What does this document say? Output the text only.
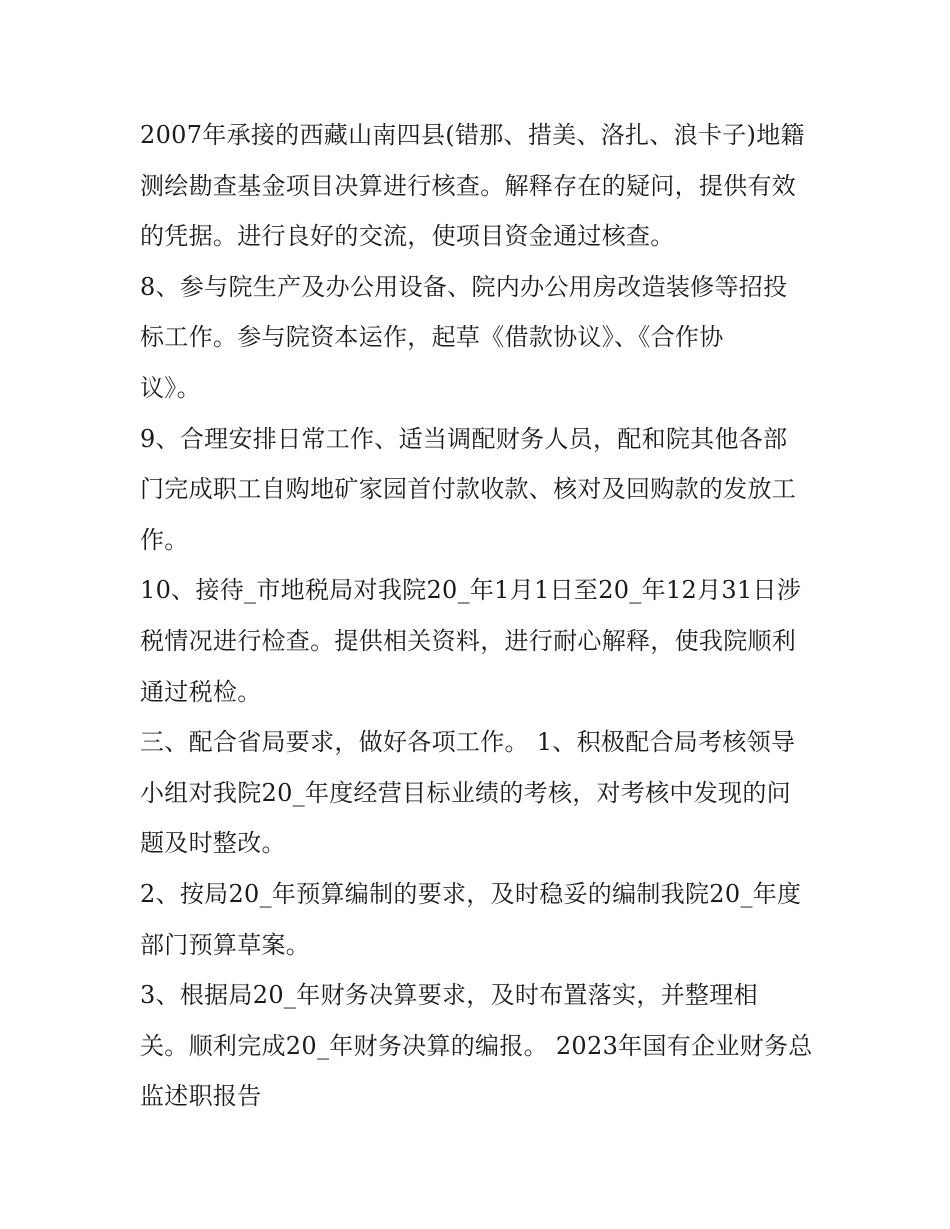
2007年承接的西藏山南四县(错那、措美、洛扎、浪卡子)地籍
测绘勘查基金项目决算进行核查。解释存在的疑问，提供有效
的凭据。进行良好的交流，使项目资金通过核查。
8、参与院生产及办公用设备、院内办公用房改造装修等招投
标工作。参与院资本运作，起草《借款协议》、《合作协
议》。
9、合理安排日常工作、适当调配财务人员，配和院其他各部
门完成职工自购地矿家园首付款收款、核对及回购款的发放工
作。
10、接待_市地税局对我院20_年1月1日至20_年12月31日涉
税情况进行检查。提供相关资料，进行耐心解释，使我院顺利
通过税检。
三、配合省局要求，做好各项工作。 1、积极配合局考核领导
小组对我院20_年度经营目标业绩的考核，对考核中发现的问
题及时整改。
2、按局20_年预算编制的要求，及时稳妥的编制我院20_年度
部门预算草案。
3、根据局20_年财务决算要求，及时布置落实，并整理相
关。顺利完成20_年财务决算的编报。 2023年国有企业财务总
监述职报告
